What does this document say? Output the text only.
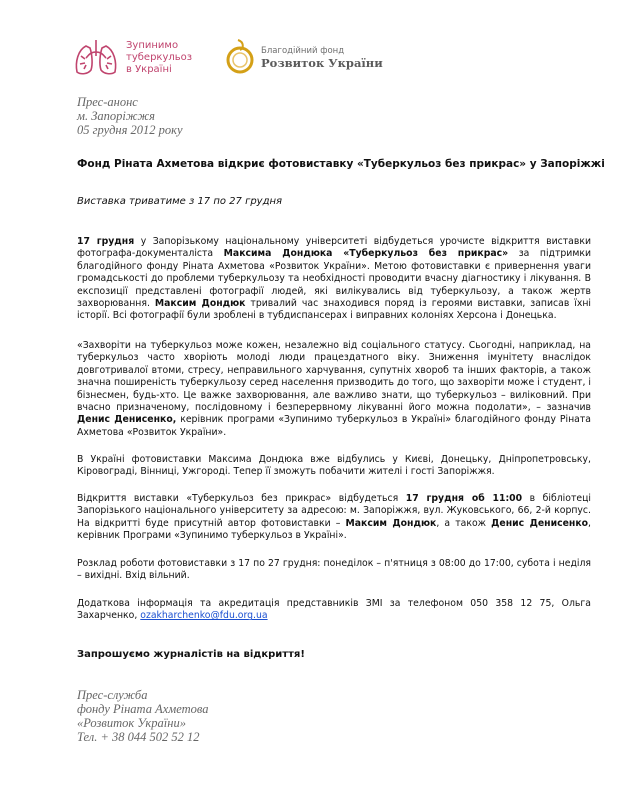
Зупинимо
туберкульоз
в Україні
Благодійний фонд
Розвиток України
Прес-анонс
м. Запоріжжя
05 грудня 2012 року
Фонд Ріната Ахметова відкриє фотовиставку «Туберкульоз без прикрас» у Запоріжжі
Виставка триватиме з 17 по 27 грудня
17 грудня у Запорізькому національному університеті відбудеться урочисте відкриття виставки фотографа-документаліста Максима Дондюка «Туберкульоз без прикрас» за підтримки благодійного фонду Ріната Ахметова «Розвиток України». Метою фотовиставки є привернення уваги громадськості до проблеми туберкульозу та необхідності проводити вчасну діагностику і лікування. В експозиції представлені фотографії людей, які вилікувались від туберкульозу, а також жертв захворювання. Максим Дондюк тривалий час знаходився поряд із героями виставки, записав їхні історії. Всі фотографії були зроблені в тубдиспансерах і виправних колоніях Херсона і Донецька.
«Захворіти на туберкульоз може кожен, незалежно від соціального статусу. Сьогодні, наприклад, на туберкульоз часто хворіють молоді люди працездатного віку. Зниження імунітету внаслідок довготривалої втоми, стресу, неправильного харчування, супутніх хвороб та інших факторів, а також значна поширеність туберкульозу серед населення призводить до того, що захворіти може і студент, і бізнесмен, будь-хто. Це важке захворювання, але важливо знати, що туберкульоз – виліковний. При вчасно призначеному, послідовному і безперервному лікуванні його можна подолати», – зазначив Денис Денисенко, керівник програми «Зупинимо туберкульоз в Україні» благодійного фонду Ріната Ахметова «Розвиток України».
В Україні фотовиставки Максима Дондюка вже відбулись у Києві, Донецьку, Дніпропетровську, Кіровограді, Вінниці, Ужгороді. Тепер її зможуть побачити жителі і гості Запоріжжя.
Відкриття виставки «Туберкульоз без прикрас» відбудеться 17 грудня об 11:00 в бібліотеці Запорізького національного університету за адресою: м. Запоріжжя, вул. Жуковського, 66, 2-й корпус. На відкритті буде присутній автор фотовиставки – Максим Дондюк, а також Денис Денисенко, керівник Програми «Зупинимо туберкульоз в Україні».
Розклад роботи фотовиставки з 17 по 27 грудня: понеділок – п'ятниця з 08:00 до 17:00, субота і неділя – вихідні. Вхід вільний.
Додаткова інформація та акредитація представників ЗМІ за телефоном 050 358 12 75, Ольга Захарченко, ozakharchenko@fdu.org.ua
Запрошуємо журналістів на відкриття!
Прес-служба
фонду Ріната Ахметова
«Розвиток України»
Тел. + 38 044 502 52 12
